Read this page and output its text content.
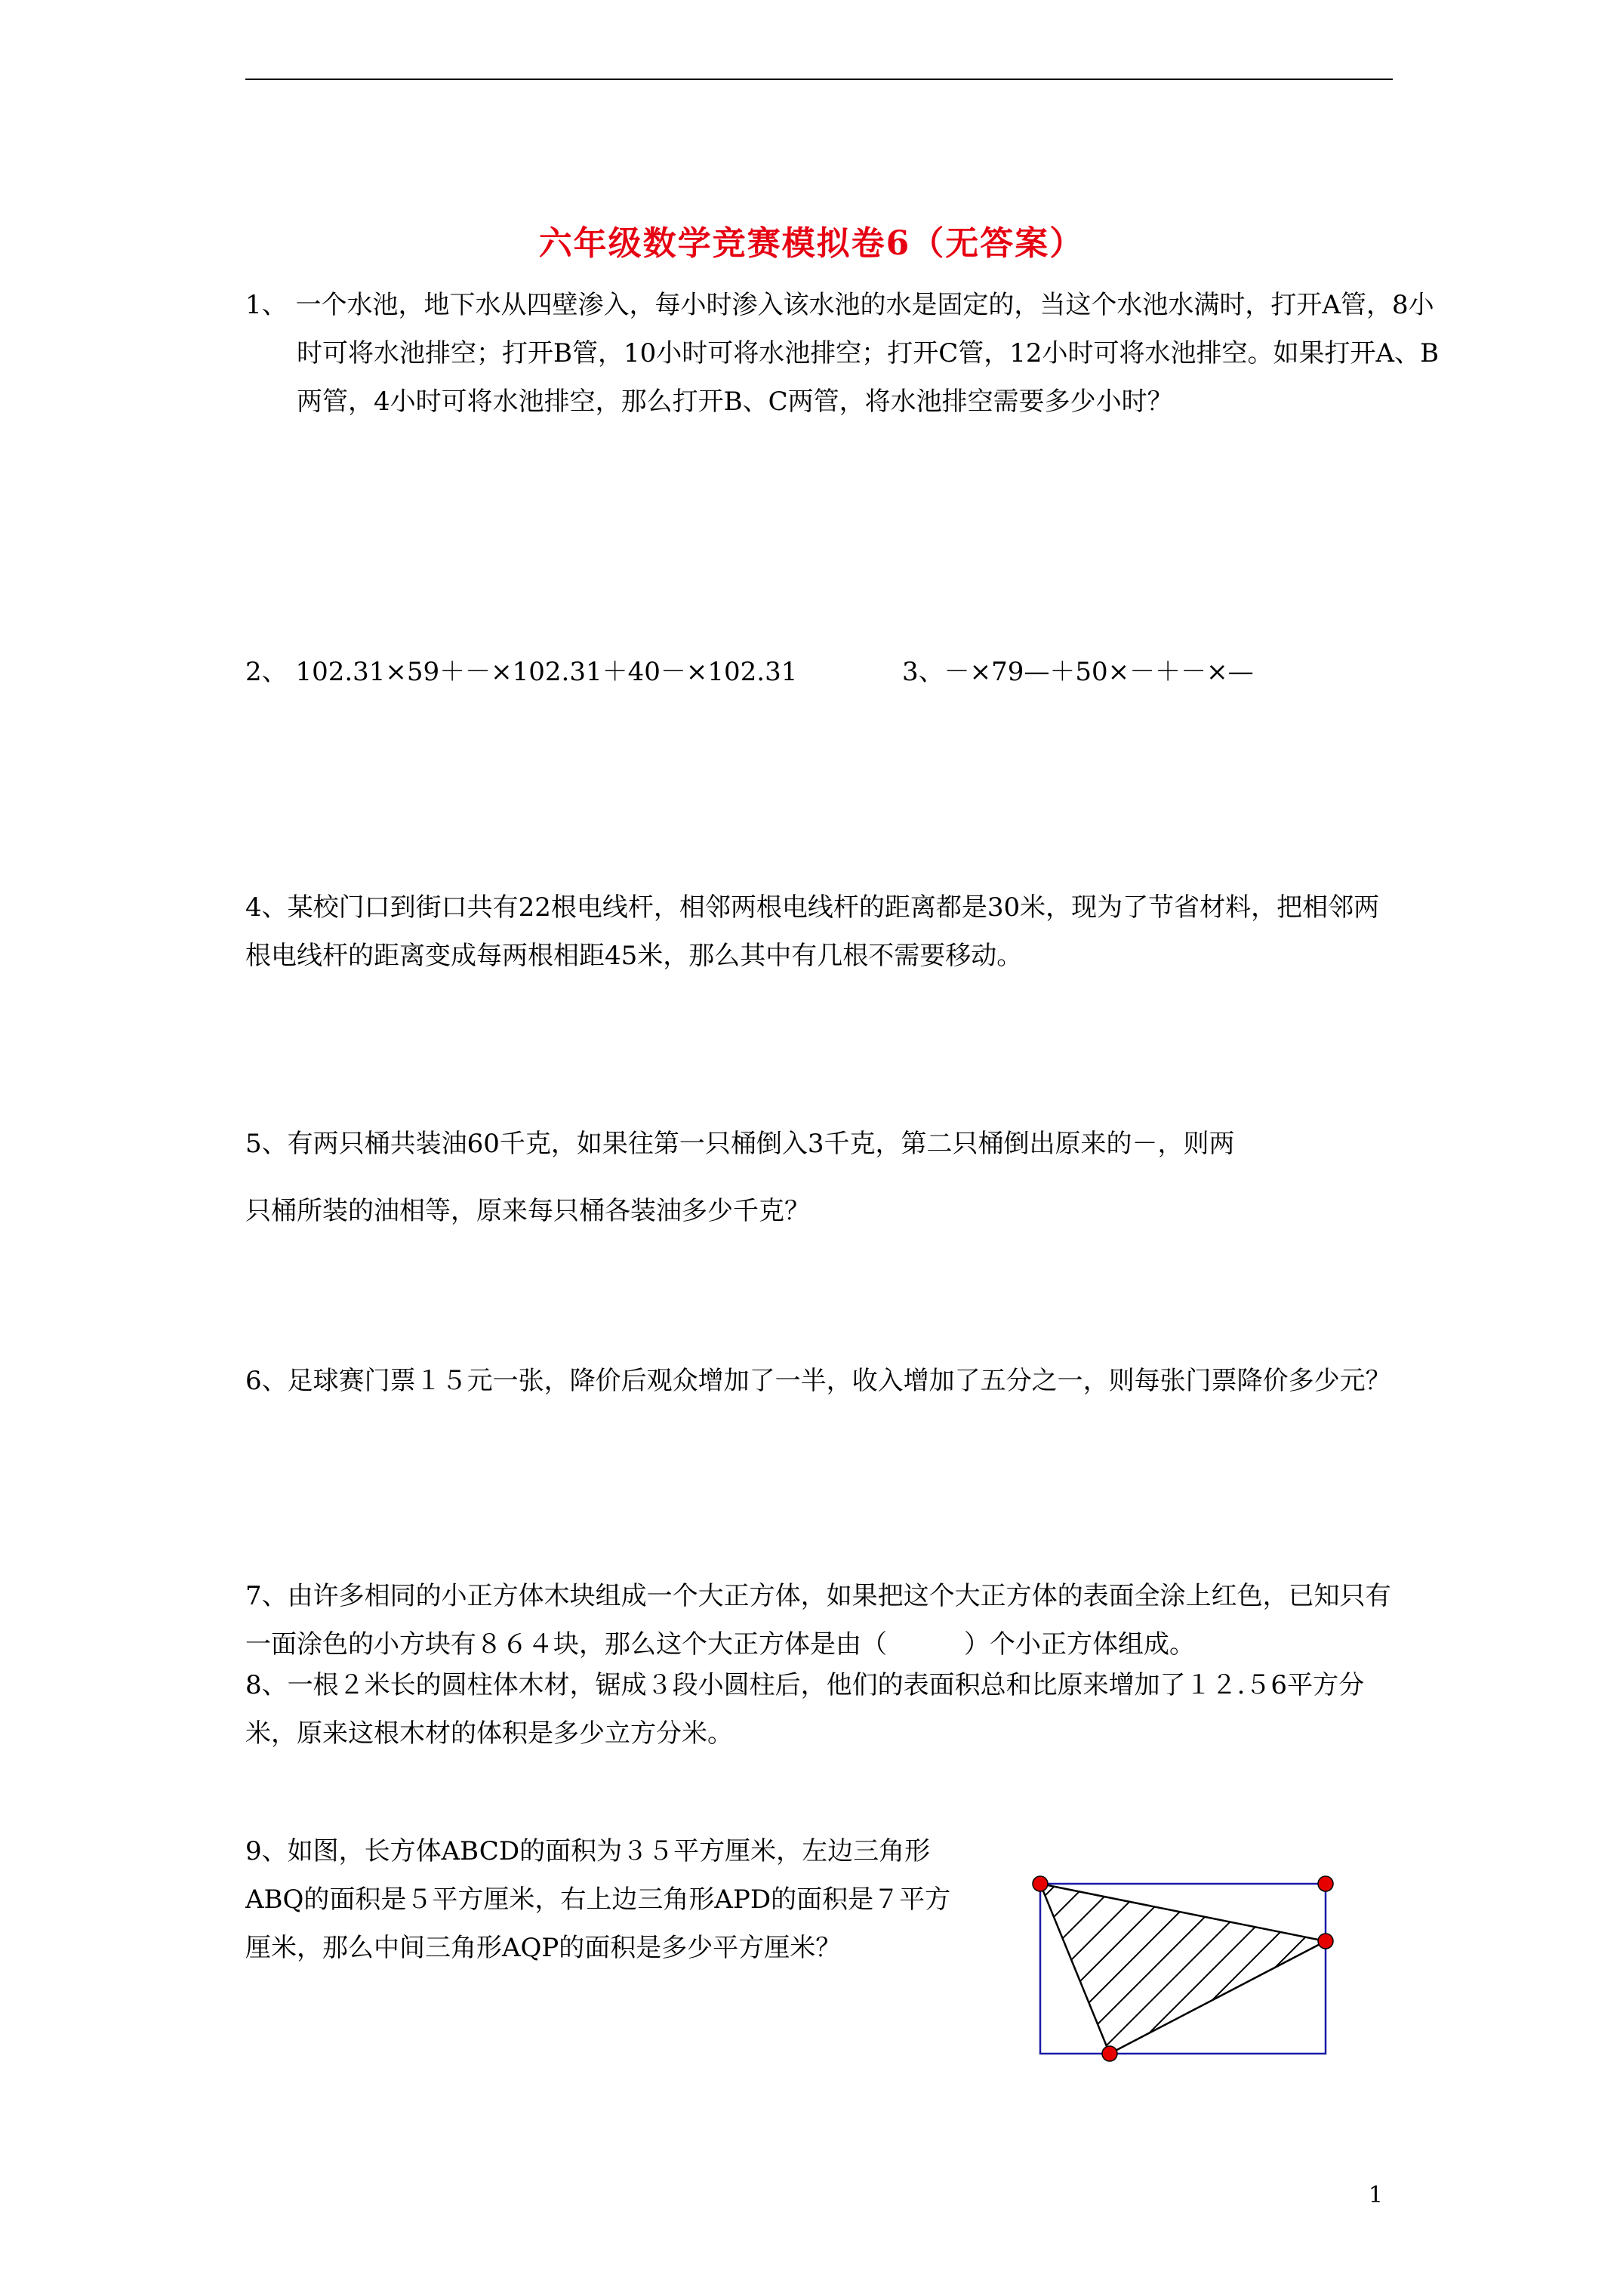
六年级数学竞赛模拟卷6（无答案）

1、 一个水池，地下水从四壁渗入，每小时渗入该水池的水是固定的，当这个水池水满时，打开A管，8小时可将水池排空；打开B管，10小时可将水池排空；打开C管，12小时可将水池排空。如果打开A、B两管，4小时可将水池排空，那么打开B、C两管，将水池排空需要多少小时？

2、 102.31×59＋－×102.31＋40－×102.31	3、－×79—＋50×－＋－×—

4、某校门口到街口共有22根电线杆，相邻两根电线杆的距离都是30米，现为了节省材料，把相邻两根电线杆的距离变成每两根相距45米，那么其中有几根不需要移动。

5、有两只桶共装油60千克，如果往第一只桶倒入3千克，第二只桶倒出原来的－，则两
只桶所装的油相等，原来每只桶各装油多少千克？

6、足球赛门票１５元一张，降价后观众增加了一半，收入增加了五分之一，则每张门票降价多少元？

7、由许多相同的小正方体木块组成一个大正方体，如果把这个大正方体的表面全涂上红色，已知只有一面涂色的小方块有８６４块，那么这个大正方体是由（　　　）个小正方体组成。

8、一根２米长的圆柱体木材，锯成３段小圆柱后，他们的表面积总和比原来增加了１２.５6平方分米，原来这根木材的体积是多少立方分米。

9、如图，长方体ABCD的面积为３５平方厘米，左边三角形ABQ的面积是５平方厘米，右上边三角形APD的面积是７平方厘米，那么中间三角形AQP的面积是多少平方厘米？

1
